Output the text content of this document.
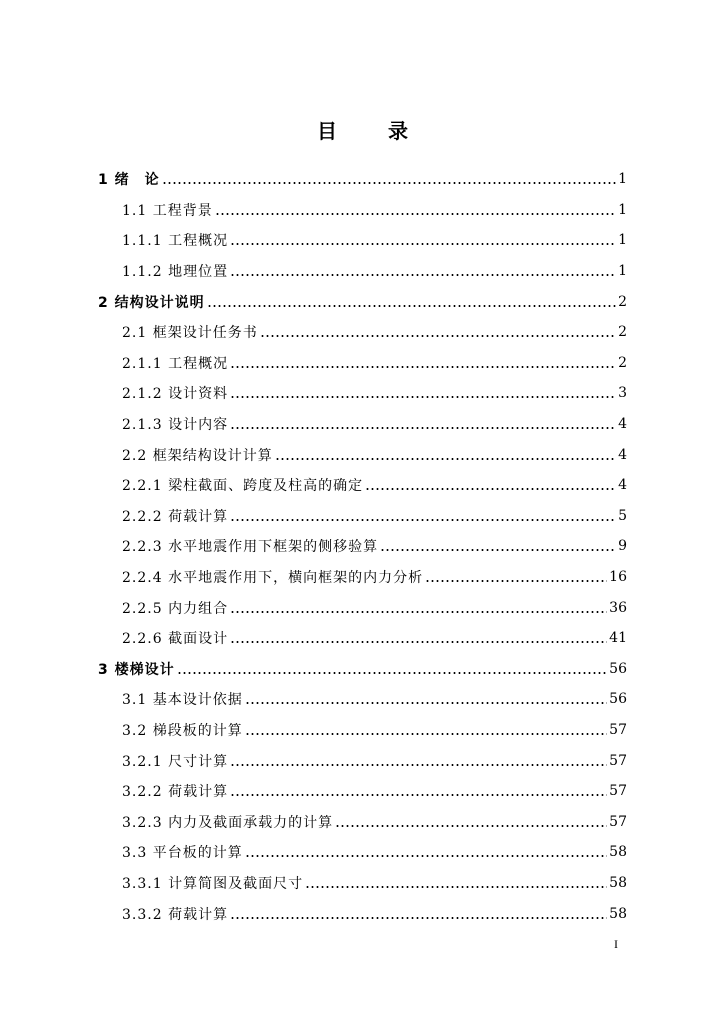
目 录
1 绪　论	1
1.1 工程背景	1
1.1.1 工程概况	1
1.1.2 地理位置	1
2 结构设计说明	2
2.1 框架设计任务书	2
2.1.1 工程概况	2
2.1.2 设计资料	3
2.1.3 设计内容	4
2.2 框架结构设计计算	4
2.2.1 梁柱截面、跨度及柱高的确定	4
2.2.2 荷载计算	5
2.2.3 水平地震作用下框架的侧移验算	9
2.2.4 水平地震作用下，横向框架的内力分析	16
2.2.5 内力组合	36
2.2.6 截面设计	41
3 楼梯设计	56
3.1 基本设计依据	56
3.2 梯段板的计算	57
3.2.1 尺寸计算	57
3.2.2 荷载计算	57
3.2.3 内力及截面承载力的计算	57
3.3 平台板的计算	58
3.3.1 计算简图及截面尺寸	58
3.3.2 荷载计算	58
I
